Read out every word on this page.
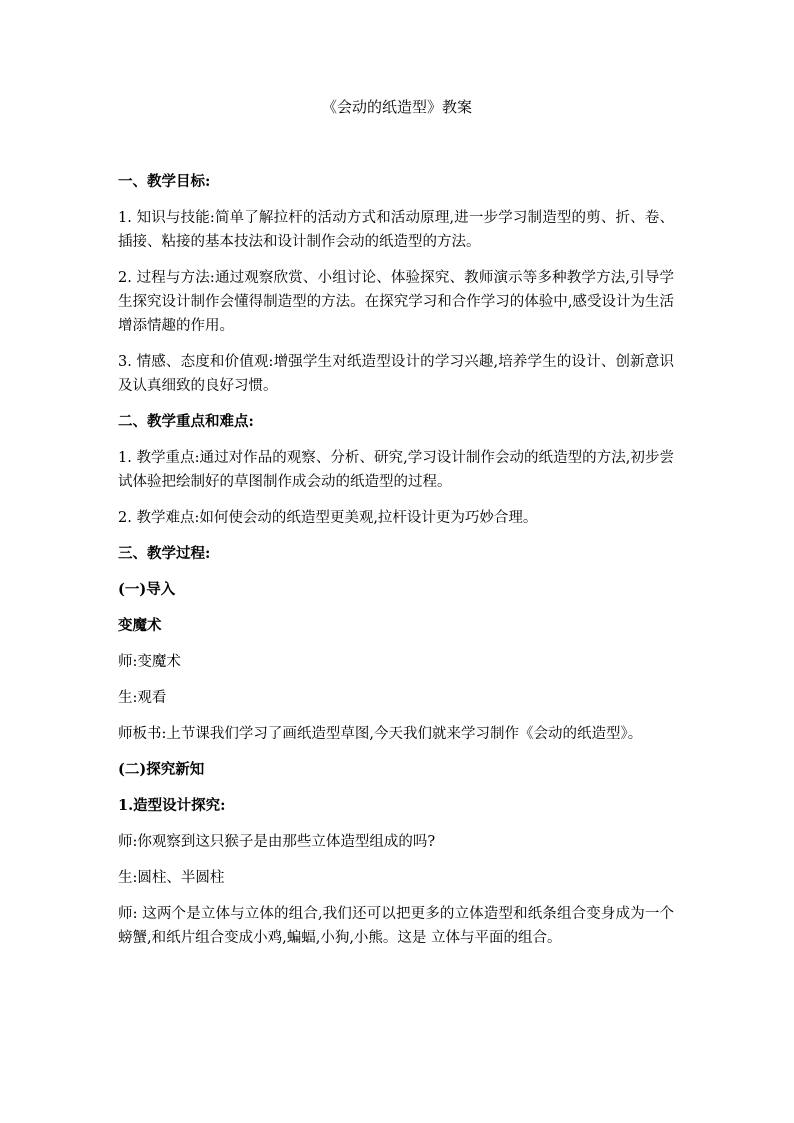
《会动的纸造型》教案
一、教学目标:
1. 知识与技能:简单了解拉杆的活动方式和活动原理,进一步学习制造型的剪、折、卷、插接、粘接的基本技法和设计制作会动的纸造型的方法。
2. 过程与方法:通过观察欣赏、小组讨论、体验探究、教师演示等多种教学方法,引导学生探究设计制作会懂得制造型的方法。在探究学习和合作学习的体验中,感受设计为生活增添情趣的作用。
3. 情感、态度和价值观:增强学生对纸造型设计的学习兴趣,培养学生的设计、创新意识及认真细致的良好习惯。
二、教学重点和难点:
1. 教学重点:通过对作品的观察、分析、研究,学习设计制作会动的纸造型的方法,初步尝试体验把绘制好的草图制作成会动的纸造型的过程。
2. 教学难点:如何使会动的纸造型更美观,拉杆设计更为巧妙合理。
三、教学过程:
(一)导入
变魔术
师:变魔术
生:观看
师板书:上节课我们学习了画纸造型草图,今天我们就来学习制作《会动的纸造型》。
(二)探究新知
1.造型设计探究:
师:你观察到这只猴子是由那些立体造型组成的吗?
生:圆柱、半圆柱
师: 这两个是立体与立体的组合,我们还可以把更多的立体造型和纸条组合变身成为一个螃蟹,和纸片组合变成小鸡,蝙蝠,小狗,小熊。这是 立体与平面的组合。
